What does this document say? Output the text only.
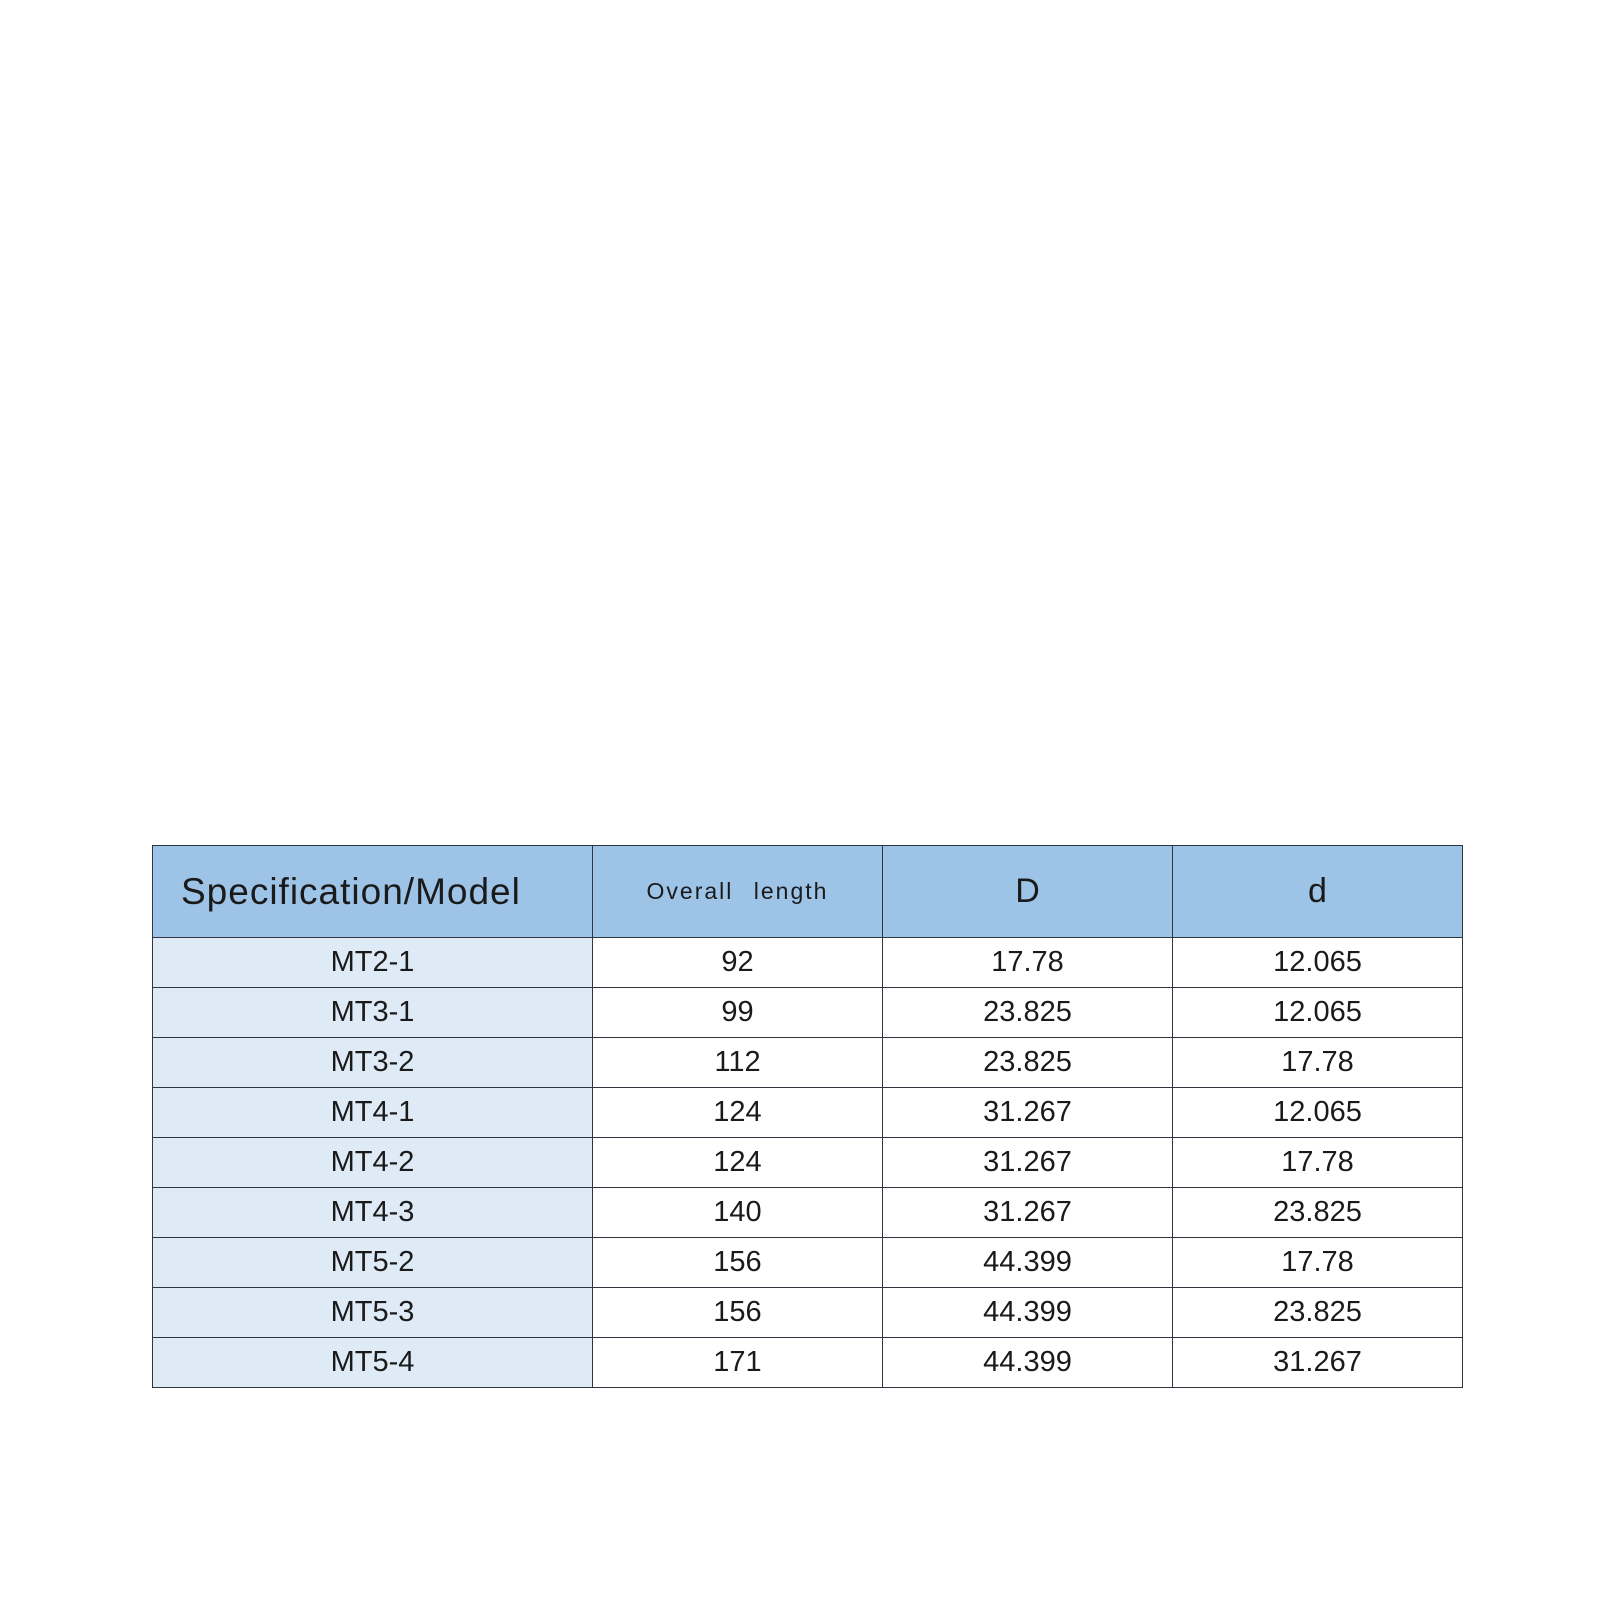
Specification/Model	Overall length	D	d
MT2-1	92	17.78	12.065
MT3-1	99	23.825	12.065
MT3-2	112	23.825	17.78
MT4-1	124	31.267	12.065
MT4-2	124	31.267	17.78
MT4-3	140	31.267	23.825
MT5-2	156	44.399	17.78
MT5-3	156	44.399	23.825
MT5-4	171	44.399	31.267
